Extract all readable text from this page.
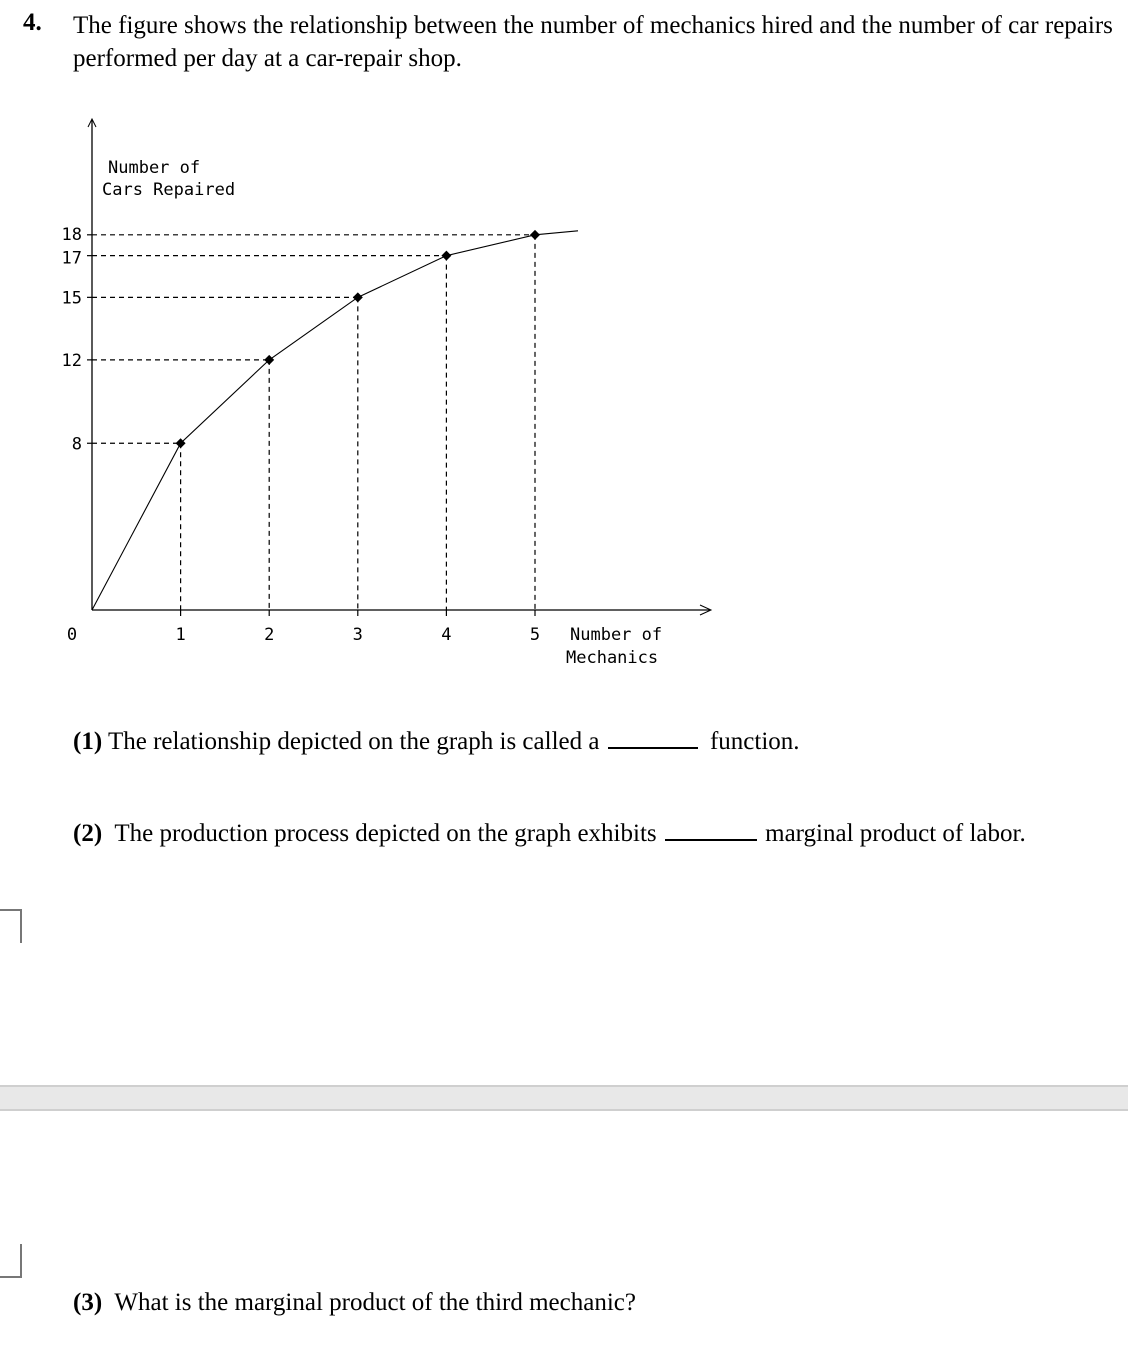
4. The figure shows the relationship between the number of mechanics hired and the number of car repairs performed per day at a car-repair shop.
0	1	2	3	4	5
8
12
15
17
18
Number of
Cars Repaired
Number of
Mechanics
(1) The relationship depicted on the graph is called a	function.
(2) The production process depicted on the graph exhibits	marginal product of labor.
(3) What is the marginal product of the third mechanic?
